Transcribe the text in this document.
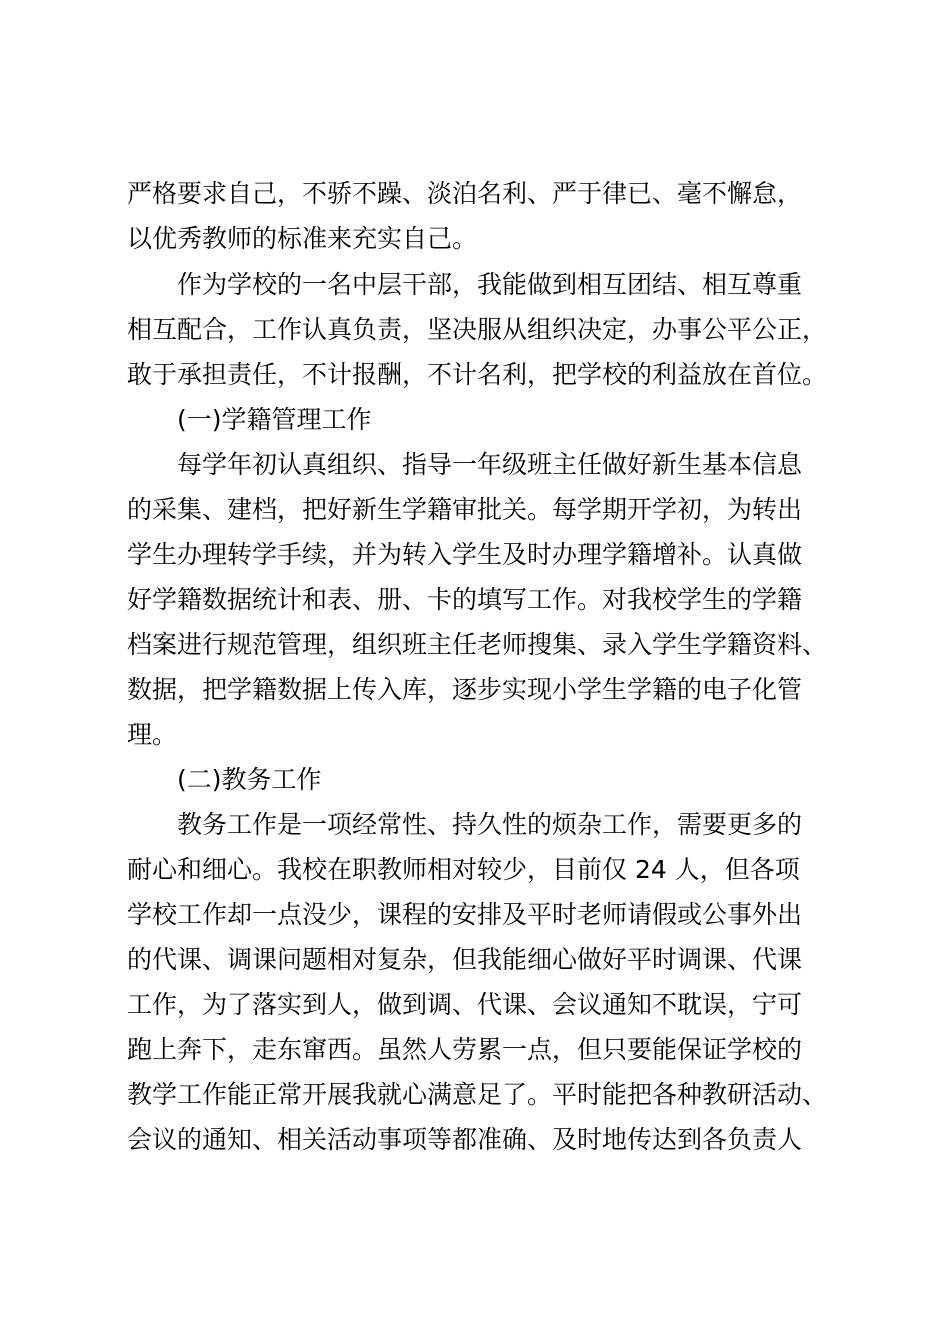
严格要求自己，不骄不躁、淡泊名利、严于律已、毫不懈怠，
以优秀教师的标准来充实自己。
作为学校的一名中层干部，我能做到相互团结、相互尊重
相互配合，工作认真负责，坚决服从组织决定，办事公平公正，
敢于承担责任，不计报酬，不计名利，把学校的利益放在首位。
(一)学籍管理工作
每学年初认真组织、指导一年级班主任做好新生基本信息
的采集、建档，把好新生学籍审批关。每学期开学初，为转出
学生办理转学手续，并为转入学生及时办理学籍增补。认真做
好学籍数据统计和表、册、卡的填写工作。对我校学生的学籍
档案进行规范管理，组织班主任老师搜集、录入学生学籍资料、
数据，把学籍数据上传入库，逐步实现小学生学籍的电子化管
理。
(二)教务工作
教务工作是一项经常性、持久性的烦杂工作，需要更多的
耐心和细心。我校在职教师相对较少，目前仅 24 人，但各项
学校工作却一点没少，课程的安排及平时老师请假或公事外出
的代课、调课问题相对复杂，但我能细心做好平时调课、代课
工作，为了落实到人，做到调、代课、会议通知不耽误，宁可
跑上奔下，走东窜西。虽然人劳累一点，但只要能保证学校的
教学工作能正常开展我就心满意足了。平时能把各种教研活动、
会议的通知、相关活动事项等都准确、及时地传达到各负责人
